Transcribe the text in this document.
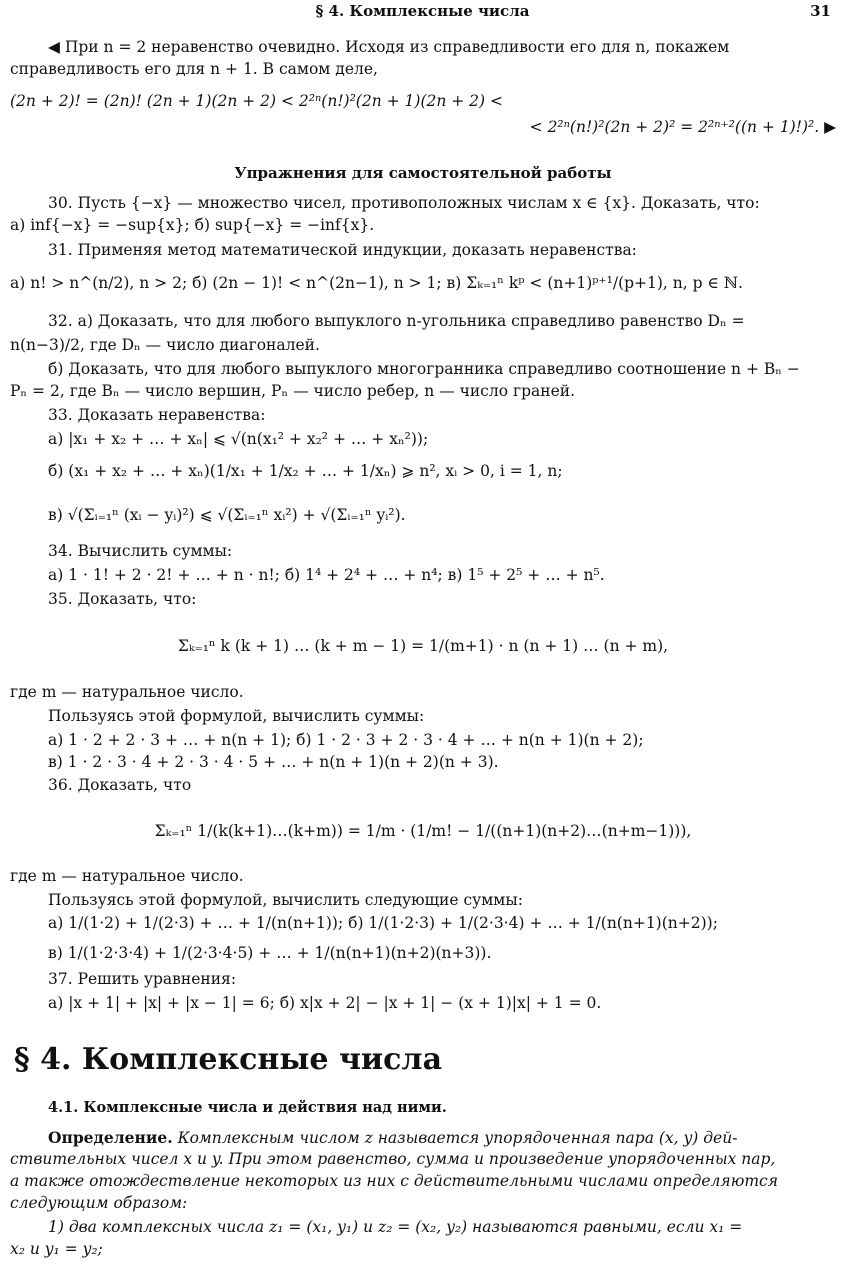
§ 4. Комплексные числа	31
◀ При n = 2 неравенство очевидно. Исходя из справедливости его для n, покажем
справедливость его для n + 1. В самом деле,
(2n + 2)! = (2n)! (2n + 1)(2n + 2) < 2²ⁿ(n!)²(2n + 1)(2n + 2) <
< 2²ⁿ(n!)²(2n + 2)² = 2²ⁿ⁺²((n + 1)!)². ▶
Упражнения для самостоятельной работы
30. Пусть {−x} — множество чисел, противоположных числам x ∈ {x}. Доказать, что:
а) inf{−x} = −sup{x}; б) sup{−x} = −inf{x}.
31. Применяя метод математической индукции, доказать неравенства:
а) n! > n^(n/2), n > 2; б) (2n − 1)! < n^(2n−1), n > 1; в) Σₖ₌₁ⁿ kᵖ < (n+1)ᵖ⁺¹/(p+1), n, p ∈ ℕ.
32. а) Доказать, что для любого выпуклого n-угольника справедливо равенство Dₙ =
n(n−3)/2, где Dₙ — число диагоналей.
б) Доказать, что для любого выпуклого многогранника справедливо соотношение n + Bₙ −
Pₙ = 2, где Bₙ — число вершин, Pₙ — число ребер, n — число граней.
33. Доказать неравенства:
а) |x₁ + x₂ + … + xₙ| ⩽ √(n(x₁² + x₂² + … + xₙ²));
б) (x₁ + x₂ + … + xₙ)(1/x₁ + 1/x₂ + … + 1/xₙ) ⩾ n², xᵢ > 0, i = 1, n;
в) √(Σᵢ₌₁ⁿ (xᵢ − yᵢ)²) ⩽ √(Σᵢ₌₁ⁿ xᵢ²) + √(Σᵢ₌₁ⁿ yᵢ²).
34. Вычислить суммы:
а) 1 · 1! + 2 · 2! + … + n · n!; б) 1⁴ + 2⁴ + … + n⁴; в) 1⁵ + 2⁵ + … + n⁵.
35. Доказать, что:
Σₖ₌₁ⁿ k (k + 1) … (k + m − 1) = 1/(m+1) · n (n + 1) … (n + m),
где m — натуральное число.
Пользуясь этой формулой, вычислить суммы:
а) 1 · 2 + 2 · 3 + … + n(n + 1); б) 1 · 2 · 3 + 2 · 3 · 4 + … + n(n + 1)(n + 2);
в) 1 · 2 · 3 · 4 + 2 · 3 · 4 · 5 + … + n(n + 1)(n + 2)(n + 3).
36. Доказать, что
Σₖ₌₁ⁿ 1/(k(k+1)…(k+m)) = 1/m · (1/m! − 1/((n+1)(n+2)…(n+m−1))),
где m — натуральное число.
Пользуясь этой формулой, вычислить следующие суммы:
а) 1/(1·2) + 1/(2·3) + … + 1/(n(n+1)); б) 1/(1·2·3) + 1/(2·3·4) + … + 1/(n(n+1)(n+2));
в) 1/(1·2·3·4) + 1/(2·3·4·5) + … + 1/(n(n+1)(n+2)(n+3)).
37. Решить уравнения:
а) |x + 1| + |x| + |x − 1| = 6; б) x|x + 2| − |x + 1| − (x + 1)|x| + 1 = 0.
§ 4. Комплексные числа
4.1. Комплексные числа и действия над ними.
Определение. Комплексным числом z называется упорядоченная пара (x, y) дей-
ствительных чисел x и y. При этом равенство, сумма и произведение упорядоченных пар,
а также отождествление некоторых из них с действительными числами определяются
следующим образом:
1) два комплексных числа z₁ = (x₁, y₁) и z₂ = (x₂, y₂) называются равными, если x₁ =
x₂ и y₁ = y₂;
